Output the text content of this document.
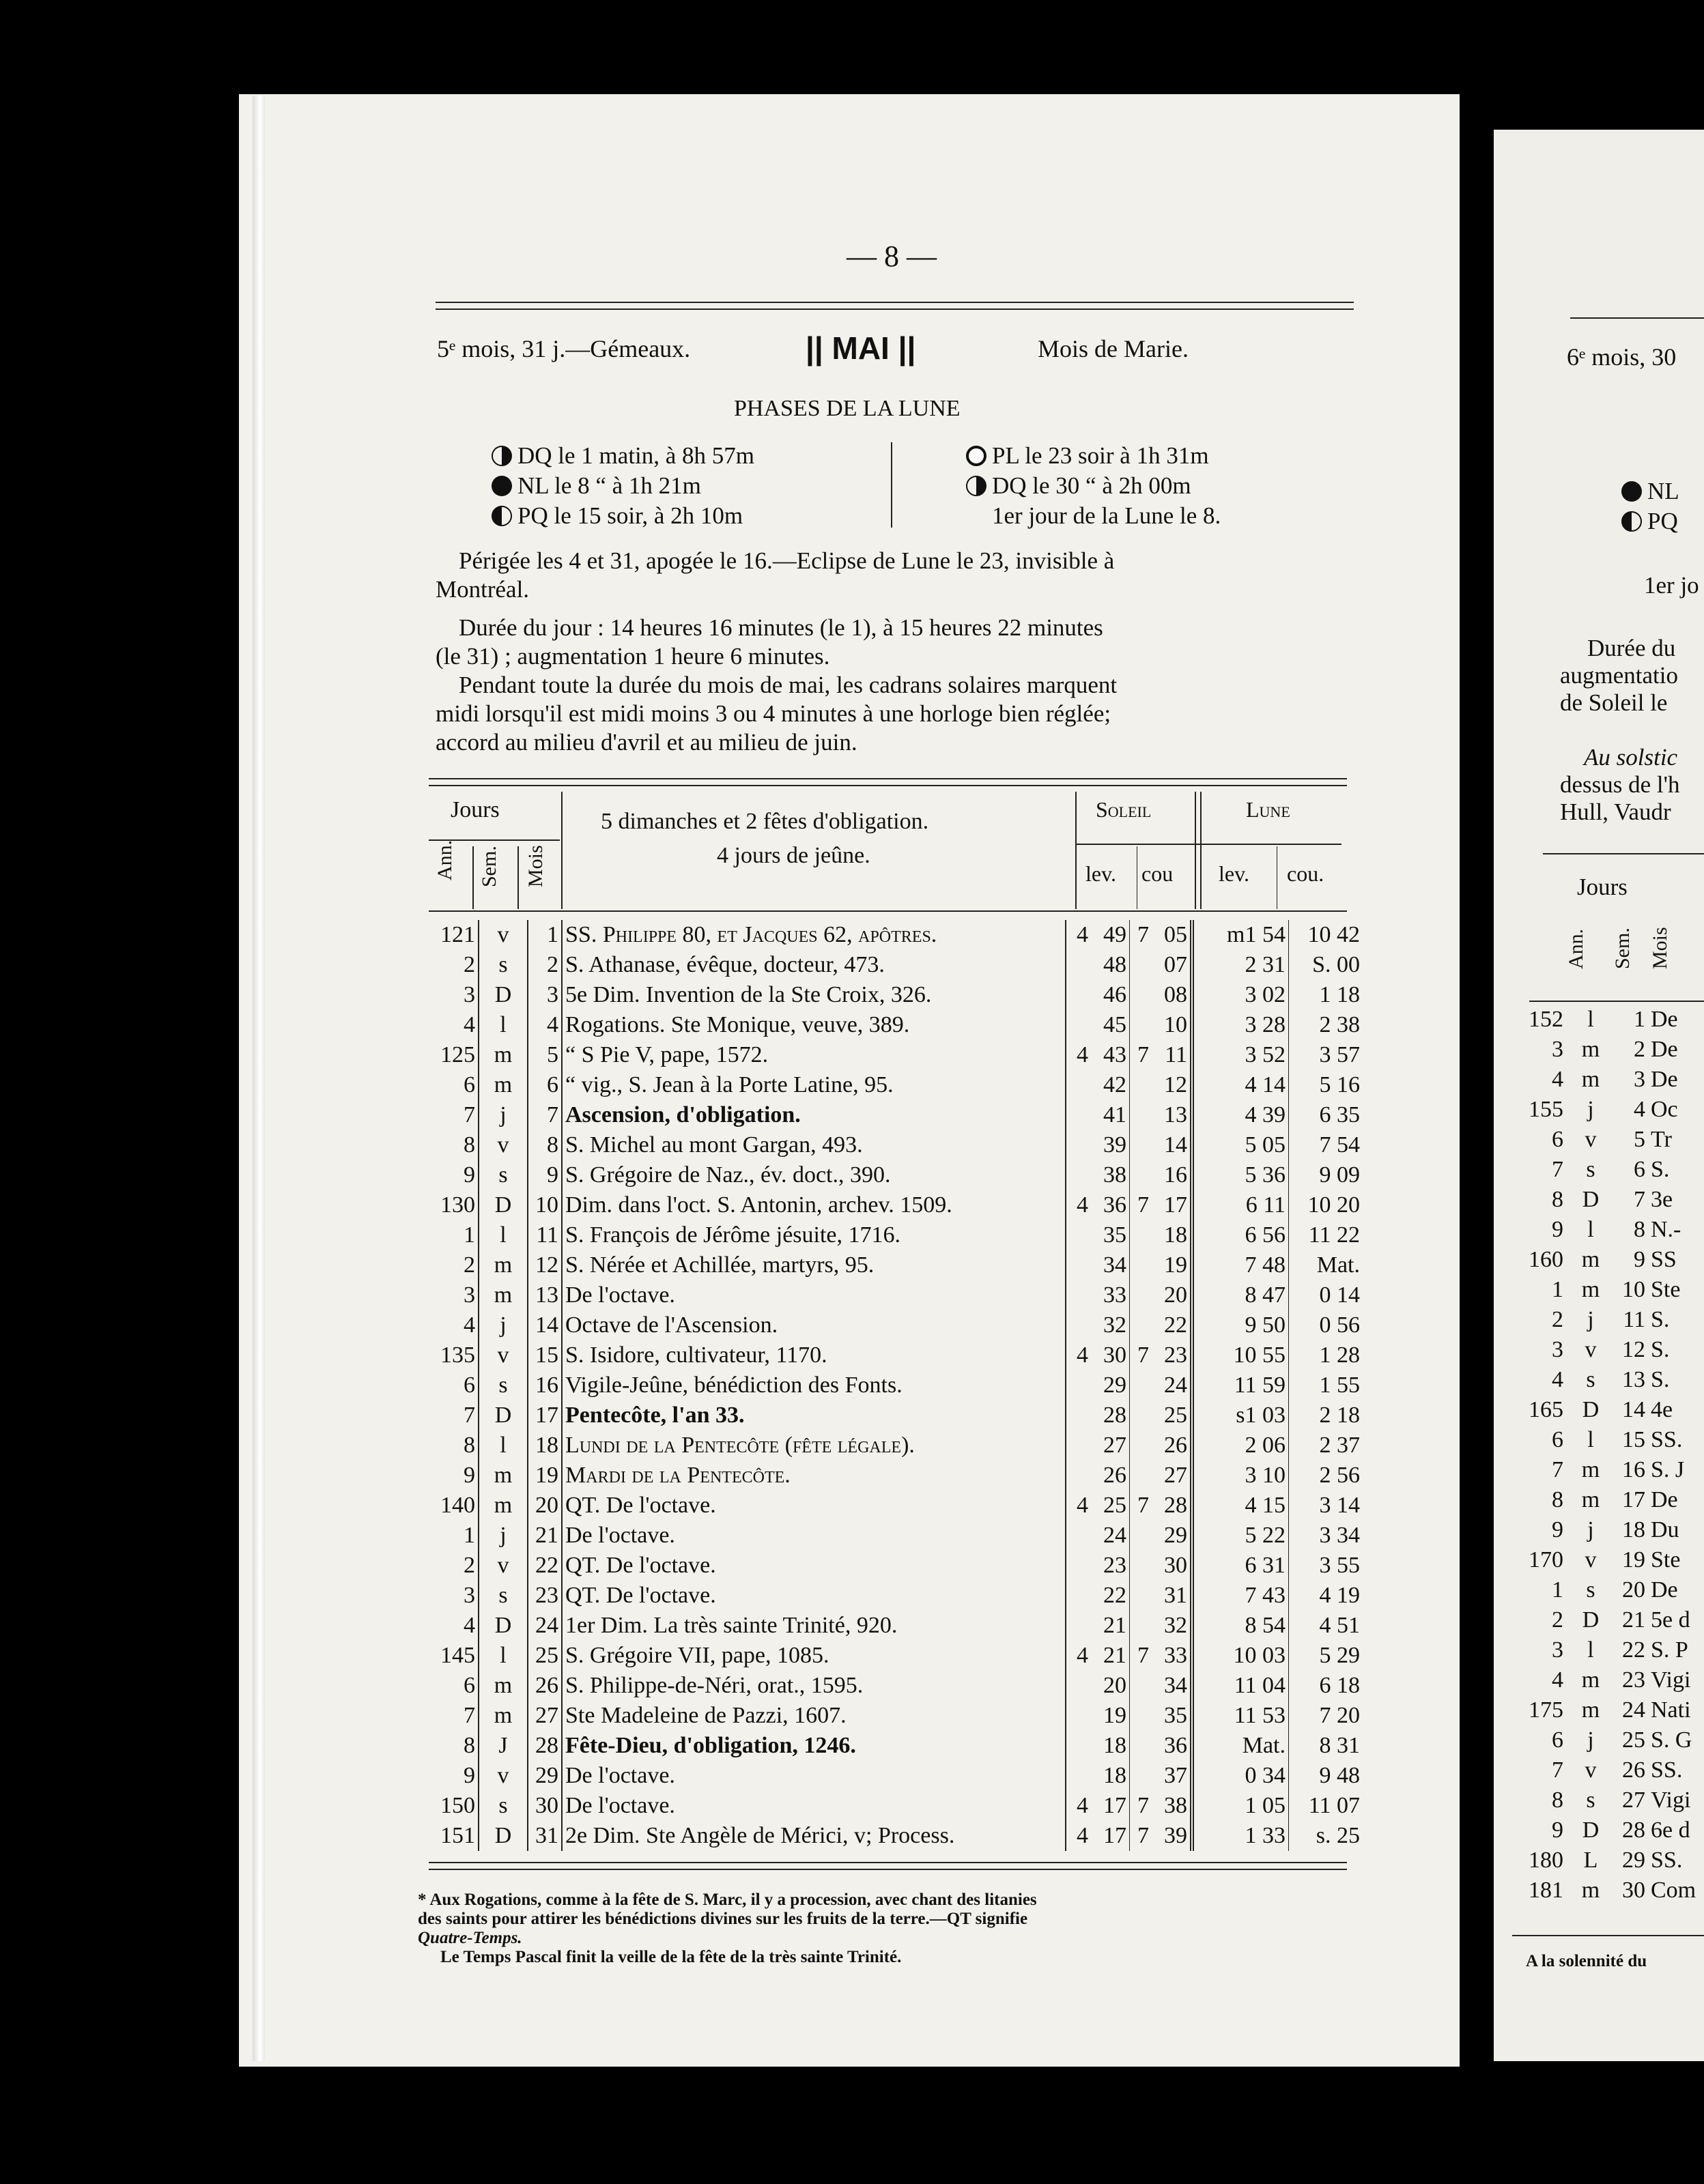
— 8 —
5ᵉ mois, 31 j.—Gémeaux.	|| MAI ||	Mois de Marie.
PHASES DE LA LUNE
DQ le 1 matin, à 8h 57m
NL le 8 “ à 1h 21m
PQ le 15 soir, à 2h 10m
PL le 23 soir à 1h 31m
DQ le 30 “ à 2h 00m
1er jour de la Lune le 8.
Périgée les 4 et 31, apogée le 16.—Eclipse de Lune le 23, invisible à
Montréal.
Durée du jour : 14 heures 16 minutes (le 1), à 15 heures 22 minutes
(le 31) ; augmentation 1 heure 6 minutes.
Pendant toute la durée du mois de mai, les cadrans solaires marquent
midi lorsqu'il est midi moins 3 ou 4 minutes à une horloge bien réglée;
accord au milieu d'avril et au milieu de juin.
Jours
Ann. Sem. Mois
5 dimanches et 2 fêtes d'obligation.
4 jours de jeûne.
Soleil	Lune
lev. cou lev. cou.
121	v	1	SS. Philippe 80, et Jacques 62, apôtres.	4	49	7	05	m1 54	10 42
2	s	2	S. Athanase, évêque, docteur, 473.		48		07	2 31	S. 00
3	D	3	5e Dim. Invention de la Ste Croix, 326.		46		08	3 02	1 18
4	l	4	Rogations. Ste Monique, veuve, 389.		45		10	3 28	2 38
125	m	5	“ S Pie V, pape, 1572.	4	43	7	11	3 52	3 57
6	m	6	“ vig., S. Jean à la Porte Latine, 95.		42		12	4 14	5 16
7	j	7	Ascension, d'obligation.		41		13	4 39	6 35
8	v	8	S. Michel au mont Gargan, 493.		39		14	5 05	7 54
9	s	9	S. Grégoire de Naz., év. doct., 390.		38		16	5 36	9 09
130	D	10	Dim. dans l'oct. S. Antonin, archev. 1509.	4	36	7	17	6 11	10 20
1	l	11	S. François de Jérôme jésuite, 1716.		35		18	6 56	11 22
2	m	12	S. Nérée et Achillée, martyrs, 95.		34		19	7 48	Mat.
3	m	13	De l'octave.		33		20	8 47	0 14
4	j	14	Octave de l'Ascension.		32		22	9 50	0 56
135	v	15	S. Isidore, cultivateur, 1170.	4	30	7	23	10 55	1 28
6	s	16	Vigile-Jeûne, bénédiction des Fonts.		29		24	11 59	1 55
7	D	17	Pentecôte, l'an 33.		28		25	s1 03	2 18
8	l	18	Lundi de la Pentecôte (fête légale).		27		26	2 06	2 37
9	m	19	Mardi de la Pentecôte.		26		27	3 10	2 56
140	m	20	QT. De l'octave.	4	25	7	28	4 15	3 14
1	j	21	De l'octave.		24		29	5 22	3 34
2	v	22	QT. De l'octave.		23		30	6 31	3 55
3	s	23	QT. De l'octave.		22		31	7 43	4 19
4	D	24	1er Dim. La très sainte Trinité, 920.		21		32	8 54	4 51
145	l	25	S. Grégoire VII, pape, 1085.	4	21	7	33	10 03	5 29
6	m	26	S. Philippe-de-Néri, orat., 1595.		20		34	11 04	6 18
7	m	27	Ste Madeleine de Pazzi, 1607.		19		35	11 53	7 20
8	J	28	Fête-Dieu, d'obligation, 1246.		18		36	Mat.	8 31
9	v	29	De l'octave.		18		37	0 34	9 48
150	s	30	De l'octave.	4	17	7	38	1 05	11 07
151	D	31	2e Dim. Ste Angèle de Mérici, v; Process.	4	17	7	39	1 33	s. 25
* Aux Rogations, comme à la fête de S. Marc, il y a procession, avec chant des litanies
des saints pour attirer les bénédictions divines sur les fruits de la terre.—QT signifie
Quatre-Temps.
Le Temps Pascal finit la veille de la fête de la très sainte Trinité.
6ᵉ mois, 30
NL
PQ
1er jo
Durée du
augmentatio
de Soleil le
Au solstic
dessus de l'h
Hull, Vaudr
Jours
Ann. Sem. Mois
152	l	1 De
3 m	2 De
4 m	3 De
155	j	4 Oc
6 v	5 Tr
7 s	6 S.
8 D	7 3e
9	l	8 N.-
160 m	9 SS
1 m 10 Ste
2	j	11 S.
3 v	12 S.
4 s	13 S.
165 D 14 4e
6	l	15 SS.
7 m 16 S. J
8 m 17 De
9	j	18 Du
170 v	19 Ste
1 s	20 De
2 D 21 5e d
3	l	22 S. P
4 m 23 Vigi
175 m 24 Nati
6	j	25 S. G
7 v	26 SS.
8 s	27 Vigi
9 D 28 6e d
180 L	29 SS.
181 m 30 Com
A la solennité du
